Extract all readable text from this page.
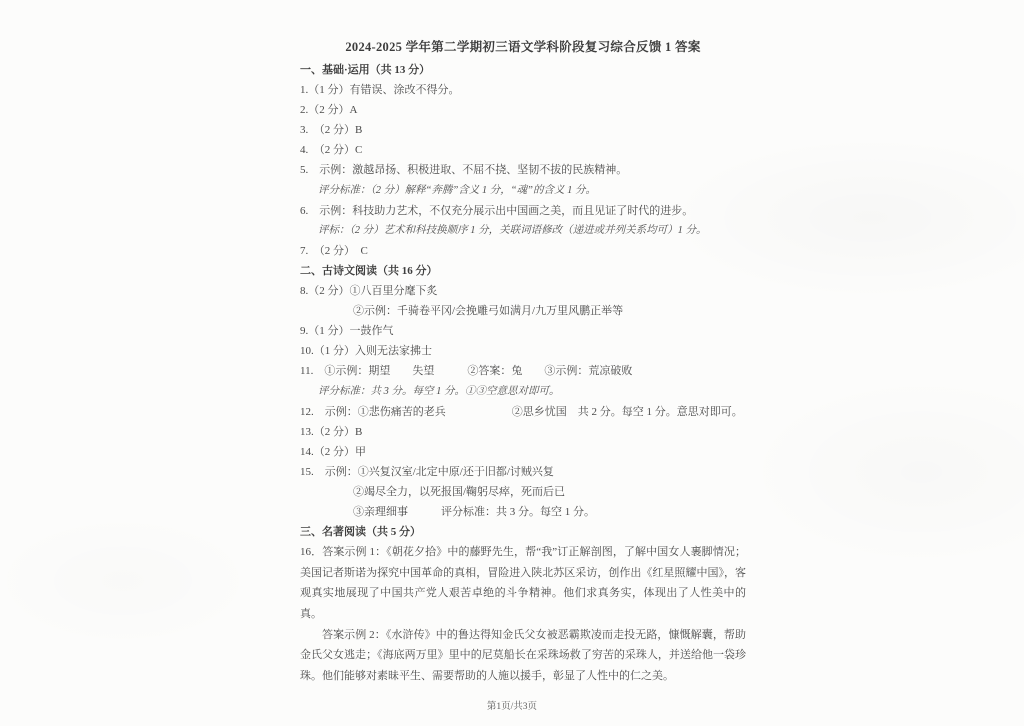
2024-2025 学年第二学期初三语文学科阶段复习综合反馈 1 答案
一、基础·运用（共 13 分）
1.（1 分）有错误、涂改不得分。
2.（2 分）A
3.　（2 分）B
4.　（2 分）C
5.　示例：激越昂扬、积极进取、不屈不挠、坚韧不拔的民族精神。
评分标准：（2 分）解释“奔腾”含义 1 分，“魂”的含义 1 分。
6.　示例：科技助力艺术，不仅充分展示出中国画之美，而且见证了时代的进步。
评标：（2 分）艺术和科技换顺序 1 分，关联词语修改（递进或并列关系均可）1 分。
7.　（2 分）　C
二、古诗文阅读（共 16 分）
8.（2 分）①八百里分麾下炙
②示例：千骑卷平冈/会挽雕弓如满月/九万里风鹏正举等
9.（1 分）一鼓作气
10.（1 分）入则无法家拂士
11.　①示例：期望　　失望　　　②答案：兔　　③示例：荒凉破败
评分标准：共 3 分。每空 1 分。①③空意思对即可。
12.　示例：①悲伤痛苦的老兵　　　　　　②思乡忧国　共 2 分。每空 1 分。意思对即可。
13.（2 分）B
14.（2 分）甲
15.　示例：①兴复汉室/北定中原/还于旧都/讨贼兴复
②竭尽全力，以死报国/鞠躬尽瘁，死而后已
③亲理细事　　　评分标准：共 3 分。每空 1 分。
三、名著阅读（共 5 分）
16．答案示例 1：《朝花夕拾》中的藤野先生，帮“我”订正解剖图，了解中国女人裹脚情况；美国记者斯诺为探究中国革命的真相，冒险进入陕北苏区采访，创作出《红星照耀中国》，客观真实地展现了中国共产党人艰苦卓绝的斗争精神。他们求真务实，体现出了人性美中的真。
答案示例 2：《水浒传》中的鲁达得知金氏父女被恶霸欺凌而走投无路，慷慨解囊，帮助金氏父女逃走；《海底两万里》里中的尼莫船长在采珠场救了穷苦的采珠人，并送给他一袋珍珠。他们能够对素昧平生、需要帮助的人施以援手，彰显了人性中的仁之美。
第1页/共3页
